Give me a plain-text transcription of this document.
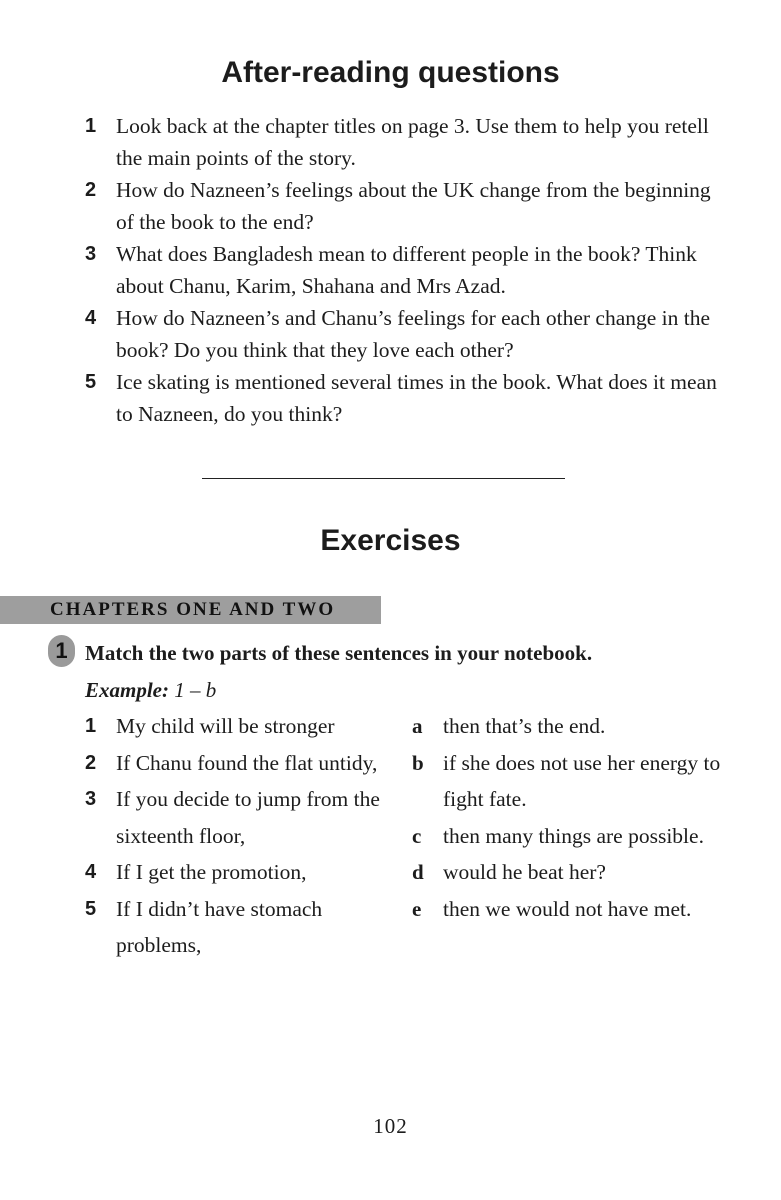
After-reading questions
1 Look back at the chapter titles on page 3. Use them to help you retell the main points of the story.
2 How do Nazneen’s feelings about the UK change from the beginning of the book to the end?
3 What does Bangladesh mean to different people in the book? Think about Chanu, Karim, Shahana and Mrs Azad.
4 How do Nazneen’s and Chanu’s feelings for each other change in the book? Do you think that they love each other?
5 Ice skating is mentioned several times in the book. What does it mean to Nazneen, do you think?
Exercises
CHAPTERS ONE AND TWO
1 Match the two parts of these sentences in your notebook.
Example: 1 – b
1 My child will be stronger
2 If Chanu found the flat untidy,
3 If you decide to jump from the sixteenth floor,
4 If I get the promotion,
5 If I didn’t have stomach problems,
a then that’s the end.
b if she does not use her energy to fight fate.
c then many things are possible.
d would he beat her?
e then we would not have met.
102
